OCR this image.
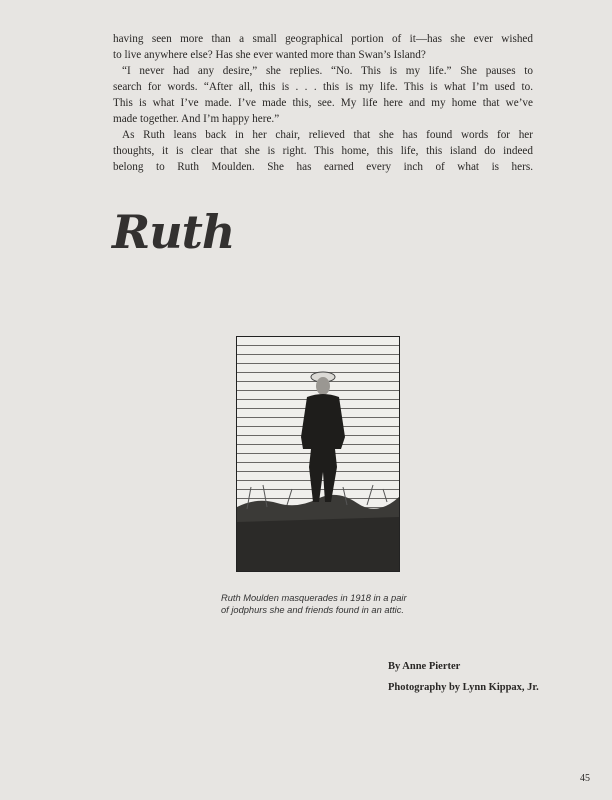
having seen more than a small geographical portion of it—has she ever wished
to live anywhere else? Has she ever wanted more than Swan’s Island?
“I never had any desire,” she replies. “No. This is my life.” She pauses to
search for words. “After all, this is . . . this is my life. This is what I’m used to.
This is what I’ve made. I’ve made this, see. My life here and my home that we’ve
made together. And I’m happy here.”
As Ruth leans back in her chair, relieved that she has found words for her
thoughts, it is clear that she is right. This home, this life, this island do indeed
belong to Ruth Moulden. She has earned every inch of what is hers.
Ruth
Ruth Moulden masquerades in 1918 in a pair
of jodphurs she and friends found in an attic.
By Anne Pierter
Photography by Lynn Kippax, Jr.
45
